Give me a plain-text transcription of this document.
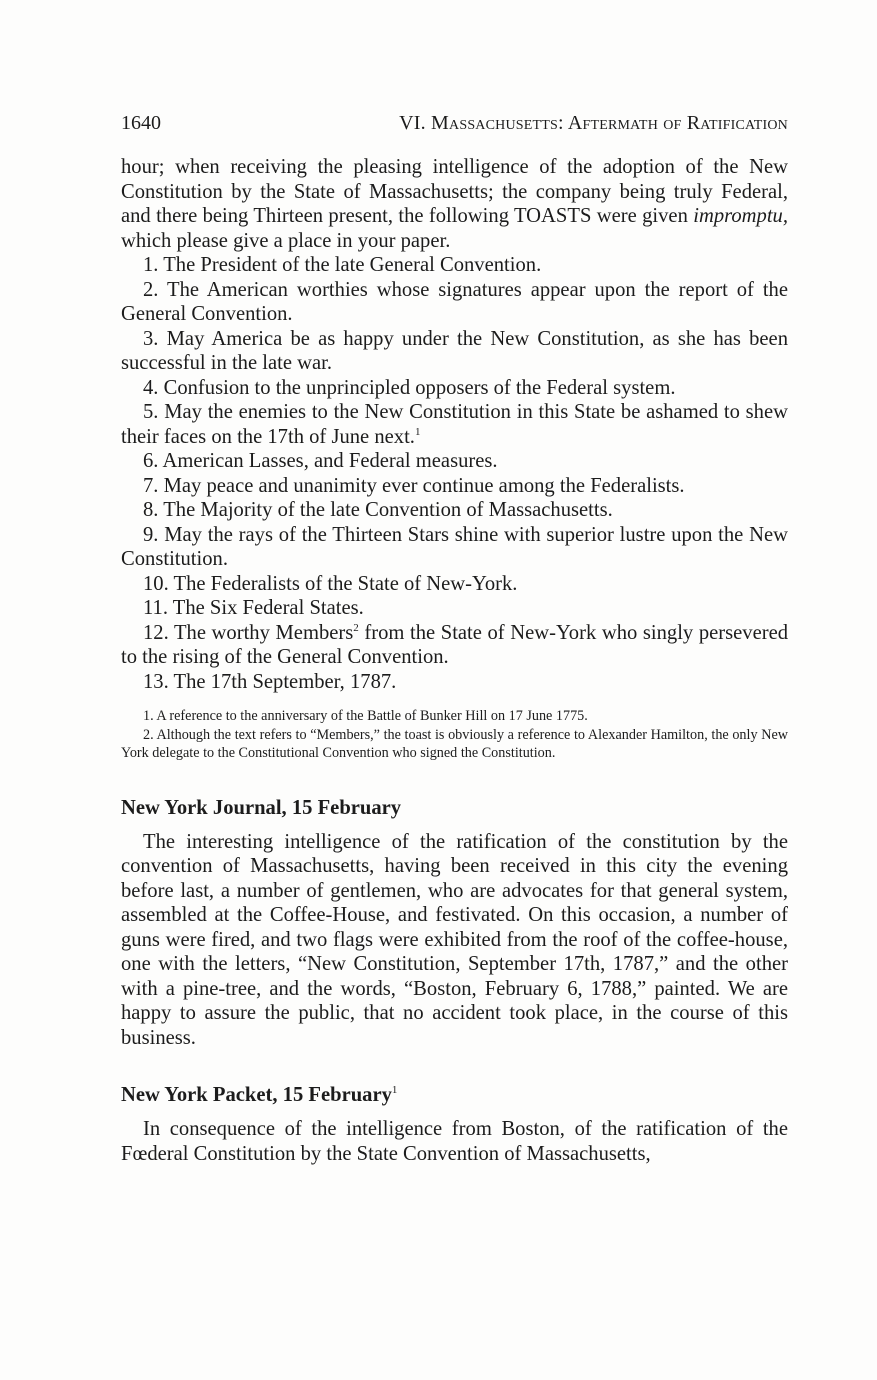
1640	VI. Massachusetts: Aftermath of Ratification

hour; when receiving the pleasing intelligence of the adoption of the New Constitution by the State of Massachusetts; the company being truly Federal, and there being Thirteen present, the following TOASTS were given impromptu, which please give a place in your paper.

1. The President of the late General Convention.

2. The American worthies whose signatures appear upon the report of the General Convention.

3. May America be as happy under the New Constitution, as she has been successful in the late war.

4. Confusion to the unprincipled opposers of the Federal system.

5. May the enemies to the New Constitution in this State be ashamed to shew their faces on the 17th of June next.$^1$

6. American Lasses, and Federal measures.

7. May peace and unanimity ever continue among the Federalists.

8. The Majority of the late Convention of Massachusetts.

9. May the rays of the Thirteen Stars shine with superior lustre upon the New Constitution.

10. The Federalists of the State of New-York.

11. The Six Federal States.

12. The worthy Members$^2$ from the State of New-York who singly persevered to the rising of the General Convention.

13. The 17th September, 1787.

1. A reference to the anniversary of the Battle of Bunker Hill on 17 June 1775.

2. Although the text refers to “Members,” the toast is obviously a reference to Alexander Hamilton, the only New York delegate to the Constitutional Convention who signed the Constitution.

New York Journal, 15 February

The interesting intelligence of the ratification of the constitution by the convention of Massachusetts, having been received in this city the evening before last, a number of gentlemen, who are advocates for that general system, assembled at the Coffee-House, and festivated. On this occasion, a number of guns were fired, and two flags were exhibited from the roof of the coffee-house, one with the letters, “New Constitution, September 17th, 1787,” and the other with a pine-tree, and the words, “Boston, February 6, 1788,” painted. We are happy to assure the public, that no accident took place, in the course of this business.

New York Packet, 15 February$^1$

In consequence of the intelligence from Boston, of the ratification of the Fœderal Constitution by the State Convention of Massachusetts,
